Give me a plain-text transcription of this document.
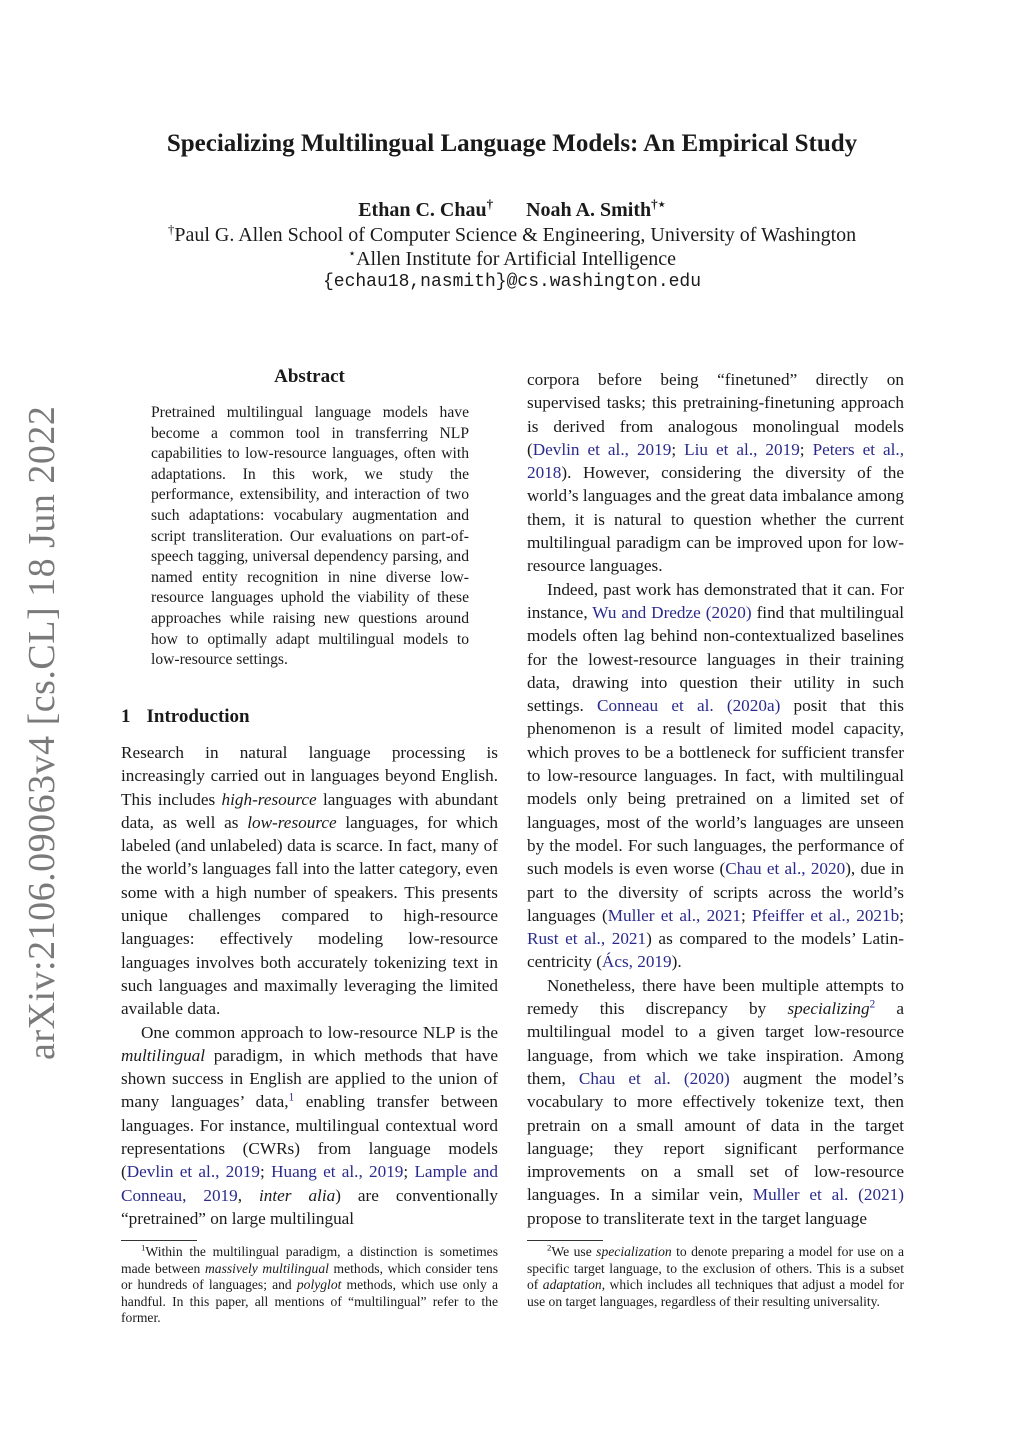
arXiv:2106.09063v4 [cs.CL] 18 Jun 2022
Specializing Multilingual Language Models: An Empirical Study
Ethan C. Chau† Noah A. Smith†⋆
†Paul G. Allen School of Computer Science & Engineering, University of Washington
⋆Allen Institute for Artificial Intelligence
{echau18,nasmith}@cs.washington.edu
Abstract
Pretrained multilingual language models have become a common tool in transferring NLP capabilities to low-resource languages, often with adaptations. In this work, we study the performance, extensibility, and interaction of two such adaptations: vocabulary augmentation and script transliteration. Our evaluations on part-of-speech tagging, universal dependency parsing, and named entity recognition in nine diverse low-resource languages uphold the viability of these approaches while raising new questions around how to optimally adapt multilingual models to low-resource settings.
1 Introduction

Research in natural language processing is increasingly carried out in languages beyond English. This includes high-resource languages with abundant data, as well as low-resource languages, for which labeled (and unlabeled) data is scarce. In fact, many of the world’s languages fall into the latter category, even some with a high number of speakers. This presents unique challenges compared to high-resource languages: effectively modeling low-resource languages involves both accurately tokenizing text in such languages and maximally leveraging the limited available data.

One common approach to low-resource NLP is the multilingual paradigm, in which methods that have shown success in English are applied to the union of many languages’ data,$^1$ enabling transfer between languages. For instance, multilingual contextual word representations (CWRs) from language models (Devlin et al., 2019; Huang et al., 2019; Lample and Conneau, 2019, inter alia) are conventionally “pretrained” on large multilingual

corpora before being “finetuned” directly on supervised tasks; this pretraining-finetuning approach is derived from analogous monolingual models (Devlin et al., 2019; Liu et al., 2019; Peters et al., 2018). However, considering the diversity of the world’s languages and the great data imbalance among them, it is natural to question whether the current multilingual paradigm can be improved upon for low-resource languages.

Indeed, past work has demonstrated that it can. For instance, Wu and Dredze (2020) find that multilingual models often lag behind non-contextualized baselines for the lowest-resource languages in their training data, drawing into question their utility in such settings. Conneau et al. (2020a) posit that this phenomenon is a result of limited model capacity, which proves to be a bottleneck for sufficient transfer to low-resource languages. In fact, with multilingual models only being pretrained on a limited set of languages, most of the world’s languages are unseen by the model. For such languages, the performance of such models is even worse (Chau et al., 2020), due in part to the diversity of scripts across the world’s languages (Muller et al., 2021; Pfeiffer et al., 2021b; Rust et al., 2021) as compared to the models’ Latin-centricity (Ács, 2019).

Nonetheless, there have been multiple attempts to remedy this discrepancy by specializing$^2$ a multilingual model to a given target low-resource language, from which we take inspiration. Among them, Chau et al. (2020) augment the model’s vocabulary to more effectively tokenize text, then pretrain on a small amount of data in the target language; they report significant performance improvements on a small set of low-resource languages. In a similar vein, Muller et al. (2021) propose to transliterate text in the target language

$^1$Within the multilingual paradigm, a distinction is sometimes made between massively multilingual methods, which consider tens or hundreds of languages; and polyglot methods, which use only a handful. In this paper, all mentions of “multilingual” refer to the former.

$^2$We use specialization to denote preparing a model for use on a specific target language, to the exclusion of others. This is a subset of adaptation, which includes all techniques that adjust a model for use on target languages, regardless of their resulting universality.
